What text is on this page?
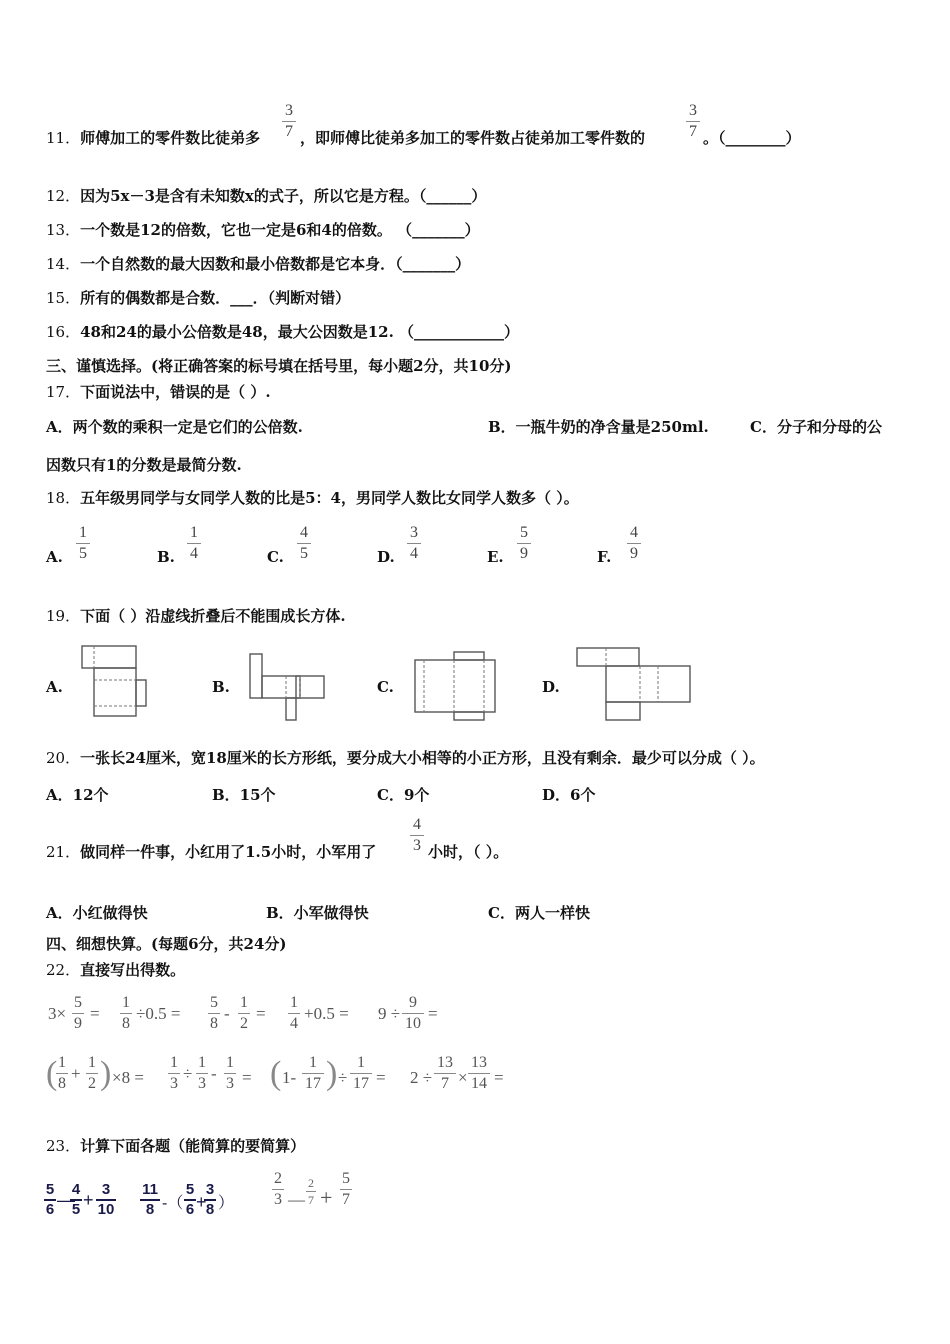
11．师傅加工的零件数比徒弟多
3
7 ，即师傅比徒弟多加工的零件数占徒弟加工零件数的
3
7 。（________）
12．因为5x－3是含有未知数x的式子，所以它是方程。（______）
13．一个数是12的倍数，它也一定是6和4的倍数。 （_______）
14．一个自然数的最大因数和最小倍数都是它本身．（_______）
15．所有的偶数都是合数．___．（判断对错）
16．48和24的最小公倍数是48，最大公因数是12. （____________）
三、谨慎选择。(将正确答案的标号填在括号里，每小题2分，共10分)
17．下面说法中，错误的是（ ）.
A．两个数的乘积一定是它们的公倍数.	B．一瓶牛奶的净含量是250ml.	C．分子和分母的公
因数只有1的分数是最简分数.
18．五年级男同学与女同学人数的比是5：4，男同学人数比女同学人数多（ ）。
A.
1
5	B.
1
4	C.
4
5	D.
3
4	E.
5
9	F.
4
9
19．下面（ ）沿虚线折叠后不能围成长方体.
A.	B.	C.	D.
20．一张长24厘米，宽18厘米的长方形纸，要分成大小相等的小正方形，且没有剩余．最少可以分成（ ）。
A．12个	B．15个	C．9个	D．6个
21．做同样一件事，小红用了1.5小时，小军用了
4
3 小时，（ ）。
A．小红做得快	B．小军做得快	C．两人一样快
四、细想快算。(每题6分，共24分)
22．直接写出得数。
3×
5
9
=
1
8
÷0.5 =
5
8
-
1
2
=
1
4
+0.5 = 9 ÷
9
10
=
( 1
8
+
1
2 ) ×8 =
1
3
÷
1
3
-
1
3 = ( 1-
1
17 ) ÷
1
17 = 2 ÷
13
7 ×
13
14 =
23．计算下面各题（能简算的要简算）
5
6 —
4
5 +
3
10
11
8 -（
5
6 +
3
8 ）
2
3 —
2
7 +
5
7
